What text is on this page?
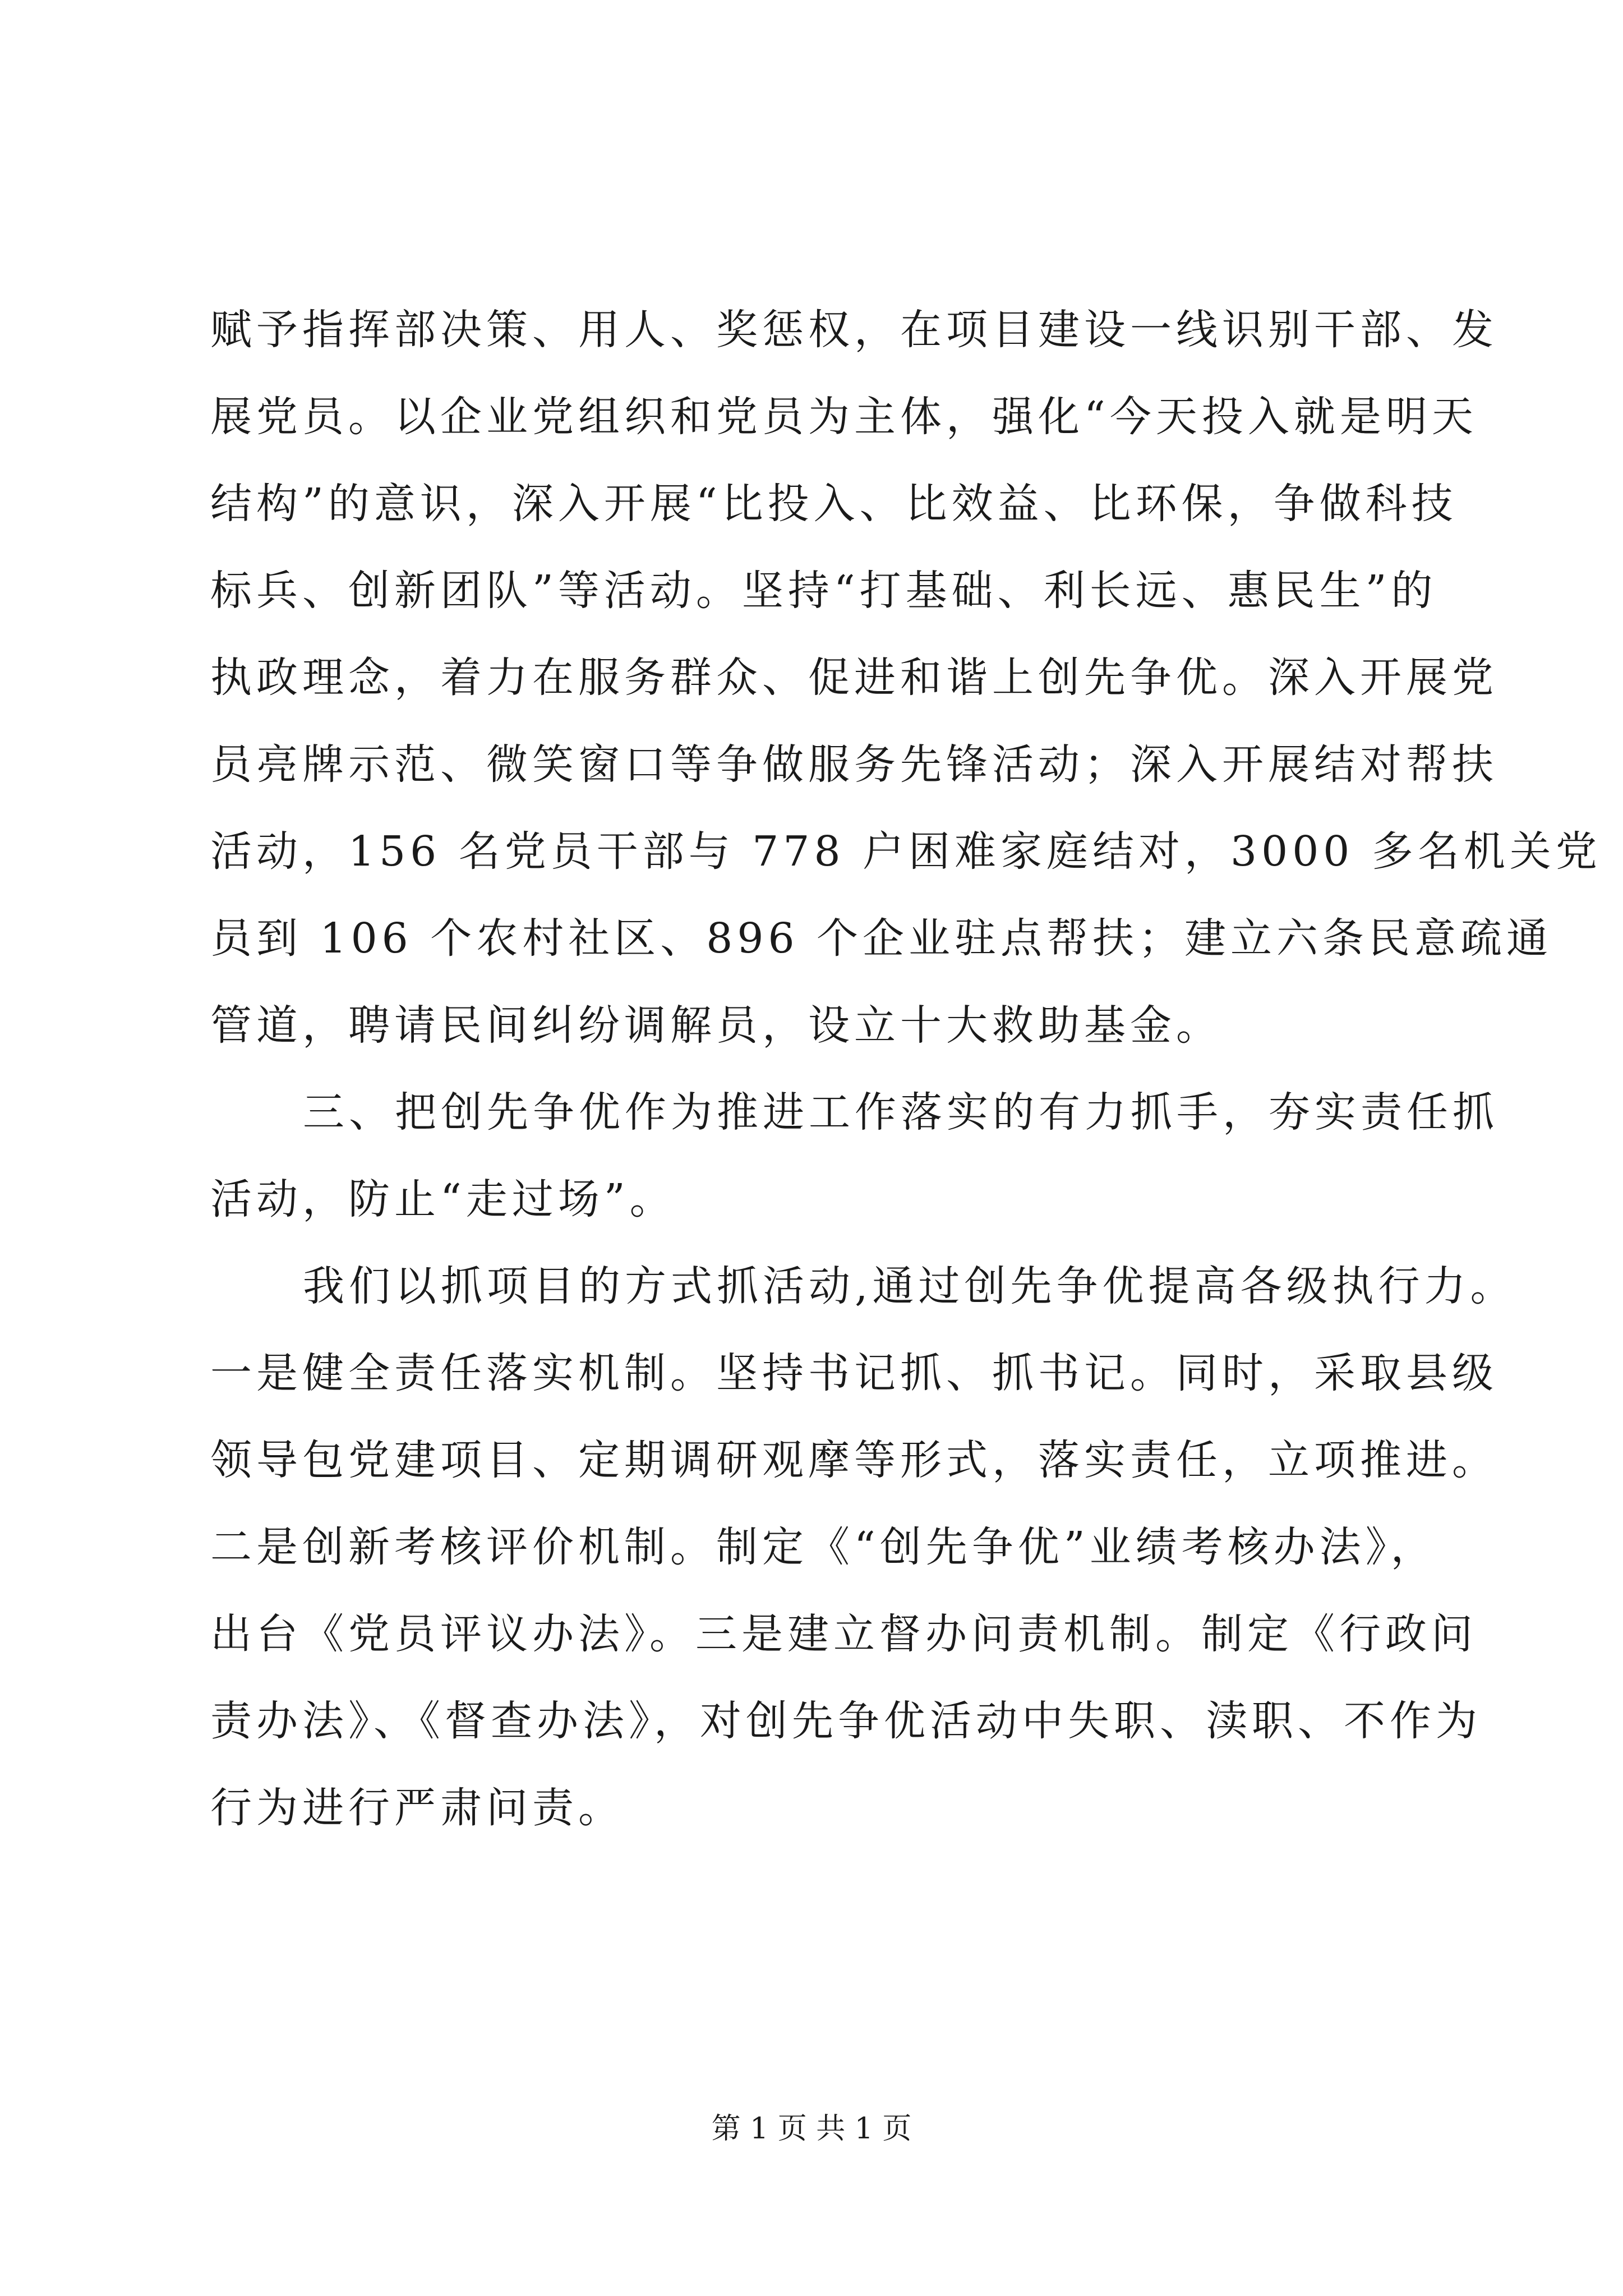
赋予指挥部决策、用人、奖惩权，在项目建设一线识别干部、发
展党员。以企业党组织和党员为主体，强化“今天投入就是明天
结构”的意识，深入开展“比投入、比效益、比环保，争做科技
标兵、创新团队”等活动。坚持“打基础、利长远、惠民生”的
执政理念，着力在服务群众、促进和谐上创先争优。深入开展党
员亮牌示范、微笑窗口等争做服务先锋活动；深入开展结对帮扶
活动，156 名党员干部与 778 户困难家庭结对，3000 多名机关党
员到 106 个农村社区、896 个企业驻点帮扶；建立六条民意疏通
管道，聘请民间纠纷调解员，设立十大救助基金。
三、把创先争优作为推进工作落实的有力抓手，夯实责任抓
活动，防止“走过场”。
我们以抓项目的方式抓活动,通过创先争优提高各级执行力。
一是健全责任落实机制。坚持书记抓、抓书记。同时，采取县级
领导包党建项目、定期调研观摩等形式，落实责任，立项推进。
二是创新考核评价机制。制定《“创先争优”业绩考核办法》，
出台《党员评议办法》。三是建立督办问责机制。制定《行政问
责办法》、《督查办法》，对创先争优活动中失职、渎职、不作为
行为进行严肃问责。
第 1 页 共 1 页
